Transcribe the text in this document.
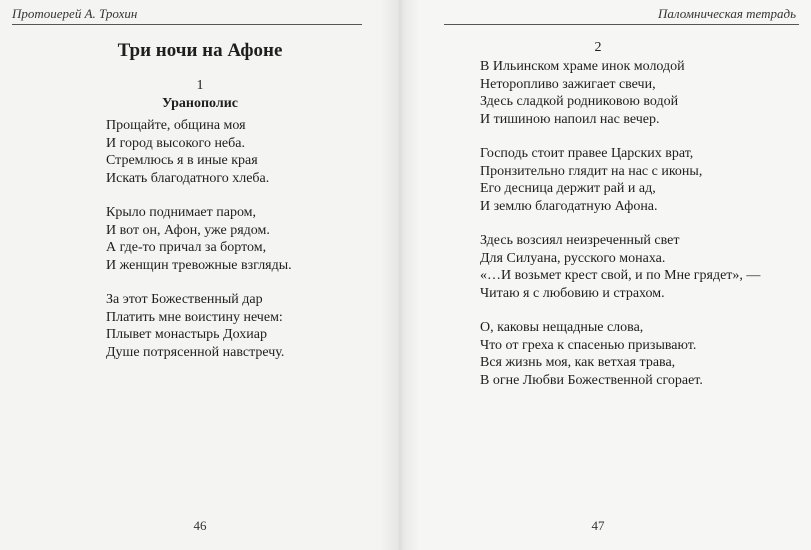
Протоиерей А. Трохин
Три ночи на Афоне
1
Уранополис
Прощайте, община моя
И город высокого неба.
Стремлюсь я в иные края
Искать благодатного хлеба.
Крыло поднимает паром,
И вот он, Афон, уже рядом.
А где-то причал за бортом,
И женщин тревожные взгляды.
За этот Божественный дар
Платить мне воистину нечем:
Плывет монастырь Дохиар
Душе потрясенной навстречу.
46
Паломническая тетрадь
2
В Ильинском храме инок молодой
Неторопливо зажигает свечи,
Здесь сладкой родниковою водой
И тишиною напоил нас вечер.
Господь стоит правее Царских врат,
Пронзительно глядит на нас с иконы,
Его десница держит рай и ад,
И землю благодатную Афона.
Здесь возсиял неизреченный свет
Для Силуана, русского монаха.
«…И возьмет крест свой, и по Мне грядет», —
Читаю я с любовию и страхом.
О, каковы нещадные слова,
Что от греха к спасенью призывают.
Вся жизнь моя, как ветхая трава,
В огне Любви Божественной сгорает.
47
